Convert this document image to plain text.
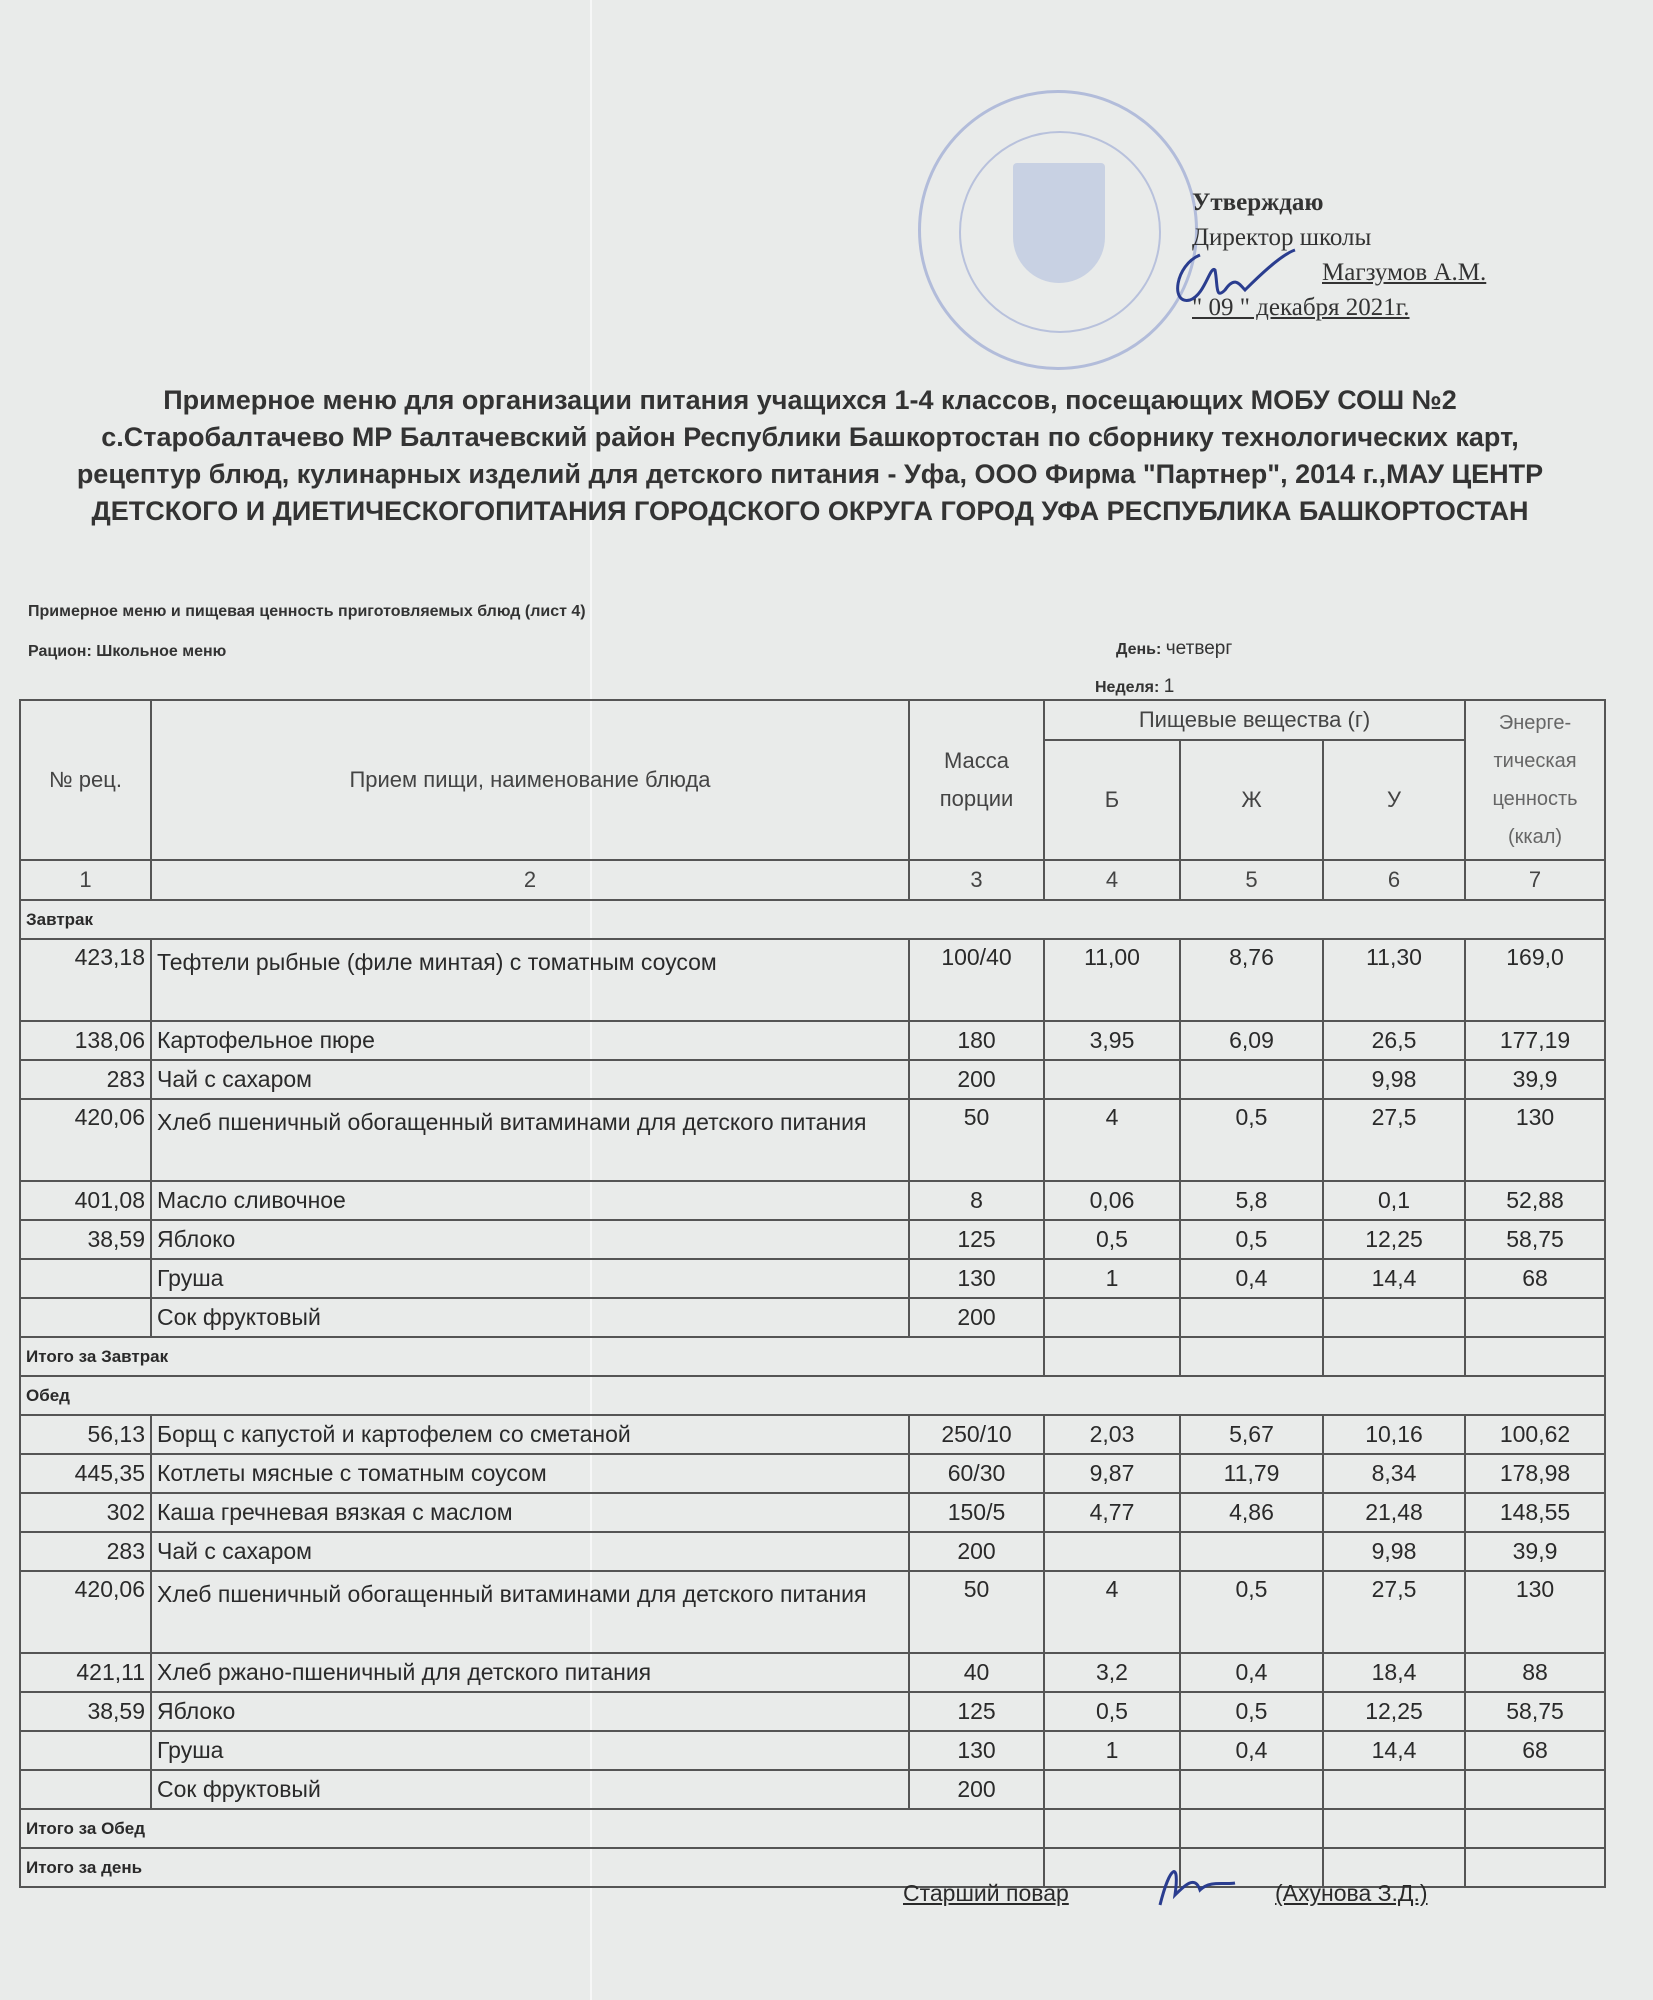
Утверждаю
Директор школы
Магзумов А.М.
" 09 " декабря 2021г.
Примерное меню для организации питания учащихся 1-4 классов, посещающих МОБУ СОШ №2 с.Старобалтачево МР Балтачевский район Республики Башкортостан по сборнику технологических карт, рецептур блюд, кулинарных изделий для детского питания - Уфа, ООО Фирма "Партнер", 2014 г.,МАУ ЦЕНТР ДЕТСКОГО И ДИЕТИЧЕСКОГОПИТАНИЯ ГОРОДСКОГО ОКРУГА ГОРОД УФА РЕСПУБЛИКА БАШКОРТОСТАН
Примерное меню и пищевая ценность приготовляемых блюд (лист 4)
Рацион: Школьное меню	День: четверг
Неделя: 1
№ рец.	Прием пищи, наименование блюда	Масса порции	Пищевые вещества (г)			Энерге-тическая ценность (ккал)
			Б	Ж	У	
1	2	3	4	5	6	7
Завтрак						
423,18	Тефтели рыбные (филе минтая) с томатным соусом	100/40	11,00	8,76	11,30	169,0
138,06	Картофельное пюре	180	3,95	6,09	26,5	177,19
283	Чай с сахаром	200			9,98	39,9
420,06	Хлеб пшеничный обогащенный витаминами для детского питания	50	4	0,5	27,5	130
401,08	Масло сливочное	8	0,06	5,8	0,1	52,88
38,59	Яблоко	125	0,5	0,5	12,25	58,75
	Груша	130	1	0,4	14,4	68
	Сок фруктовый	200				
Итого за Завтрак						
Обед						
56,13	Борщ с капустой и картофелем со сметаной	250/10	2,03	5,67	10,16	100,62
445,35	Котлеты мясные с томатным соусом	60/30	9,87	11,79	8,34	178,98
302	Каша гречневая вязкая с маслом	150/5	4,77	4,86	21,48	148,55
283	Чай с сахаром	200			9,98	39,9
420,06	Хлеб пшеничный обогащенный витаминами для детского питания	50	4	0,5	27,5	130
421,11	Хлеб ржано-пшеничный для детского питания	40	3,2	0,4	18,4	88
38,59	Яблоко	125	0,5	0,5	12,25	58,75
	Груша	130	1	0,4	14,4	68
	Сок фруктовый	200				
Итого за Обед						
Итого за день						
Старший повар	(Ахунова З.Д.)
